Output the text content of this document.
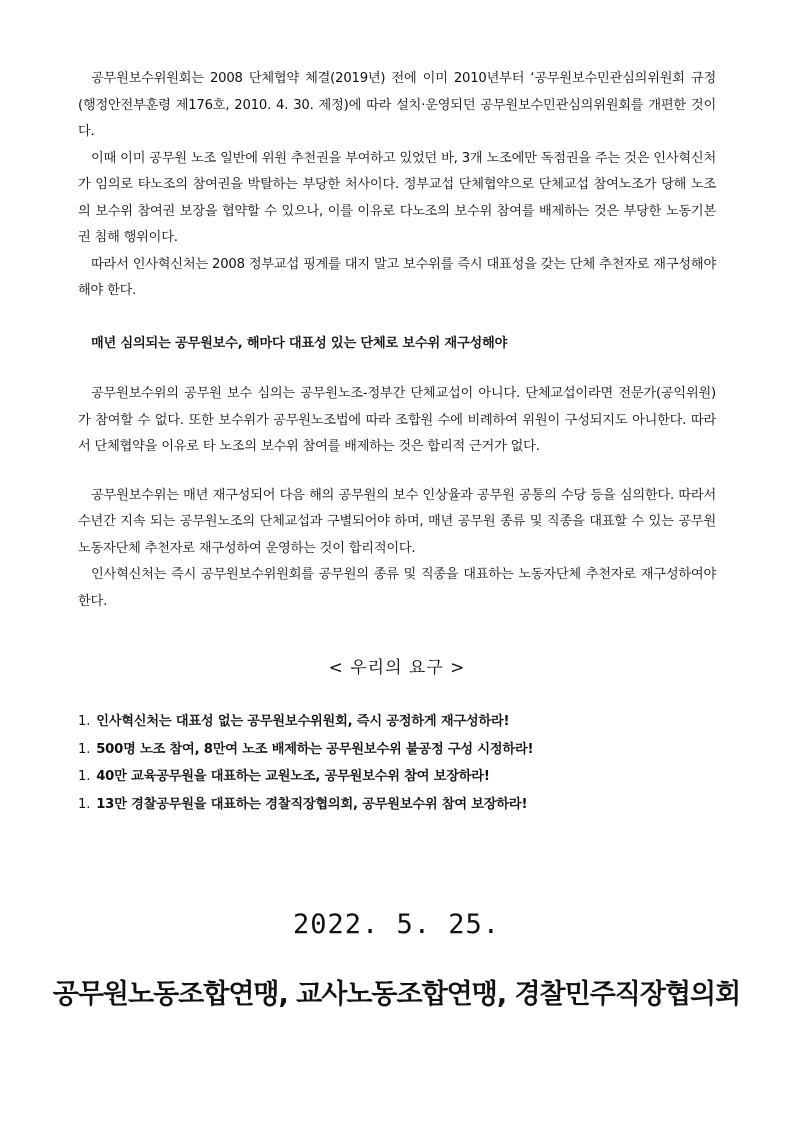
공무원보수위원회는 2008 단체협약 체결(2019년) 전에 이미 2010년부터 ‘공무원보수민관심의위원회 규정(행정안전부훈령 제176호, 2010. 4. 30. 제정)에 따라 설치·운영되던 공무원보수민관심의위원회를 개편한 것이다.

이때 이미 공무원 노조 일반에 위원 추천권을 부여하고 있었던 바, 3개 노조에만 독점권을 주는 것은 인사혁신처가 임의로 타노조의 참여권을 박탈하는 부당한 처사이다. 정부교섭 단체협약으로 단체교섭 참여노조가 당해 노조의 보수위 참여권 보장을 협약할 수 있으나, 이를 이유로 다노조의 보수위 참여를 배제하는 것은 부당한 노동기본권 침해 행위이다.

따라서 인사혁신처는 2008 정부교섭 핑계를 대지 말고 보수위를 즉시 대표성을 갖는 단체 추천자로 재구성해야 해야 한다.

매년 심의되는 공무원보수, 해마다 대표성 있는 단체로 보수위 재구성해야

공무원보수위의 공무원 보수 심의는 공무원노조-정부간 단체교섭이 아니다. 단체교섭이라면 전문가(공익위원)가 참여할 수 없다. 또한 보수위가 공무원노조법에 따라 조합원 수에 비례하여 위원이 구성되지도 아니한다. 따라서 단체협약을 이유로 타 노조의 보수위 참여를 배제하는 것은 합리적 근거가 없다.

공무원보수위는 매년 재구성되어 다음 해의 공무원의 보수 인상율과 공무원 공통의 수당 등을 심의한다. 따라서 수년간 지속 되는 공무원노조의 단체교섭과 구별되어야 하며, 매년 공무원 종류 및 직종을 대표할 수 있는 공무원노동자단체 추천자로 재구성하여 운영하는 것이 합리적이다.

인사혁신처는 즉시 공무원보수위원회를 공무원의 종류 및 직종을 대표하는 노동자단체 추천자로 재구성하여야 한다.

< 우리의 요구 >
1. 인사혁신처는 대표성 없는 공무원보수위원회, 즉시 공정하게 재구성하라!
1. 500명 노조 참여, 8만여 노조 배제하는 공무원보수위 불공정 구성 시정하라!
1. 40만 교육공무원을 대표하는 교원노조, 공무원보수위 참여 보장하라!
1. 13만 경찰공무원을 대표하는 경찰직장협의회, 공무원보수위 참여 보장하라!
2022. 5. 25.
공무원노동조합연맹, 교사노동조합연맹, 경찰민주직장협의회
